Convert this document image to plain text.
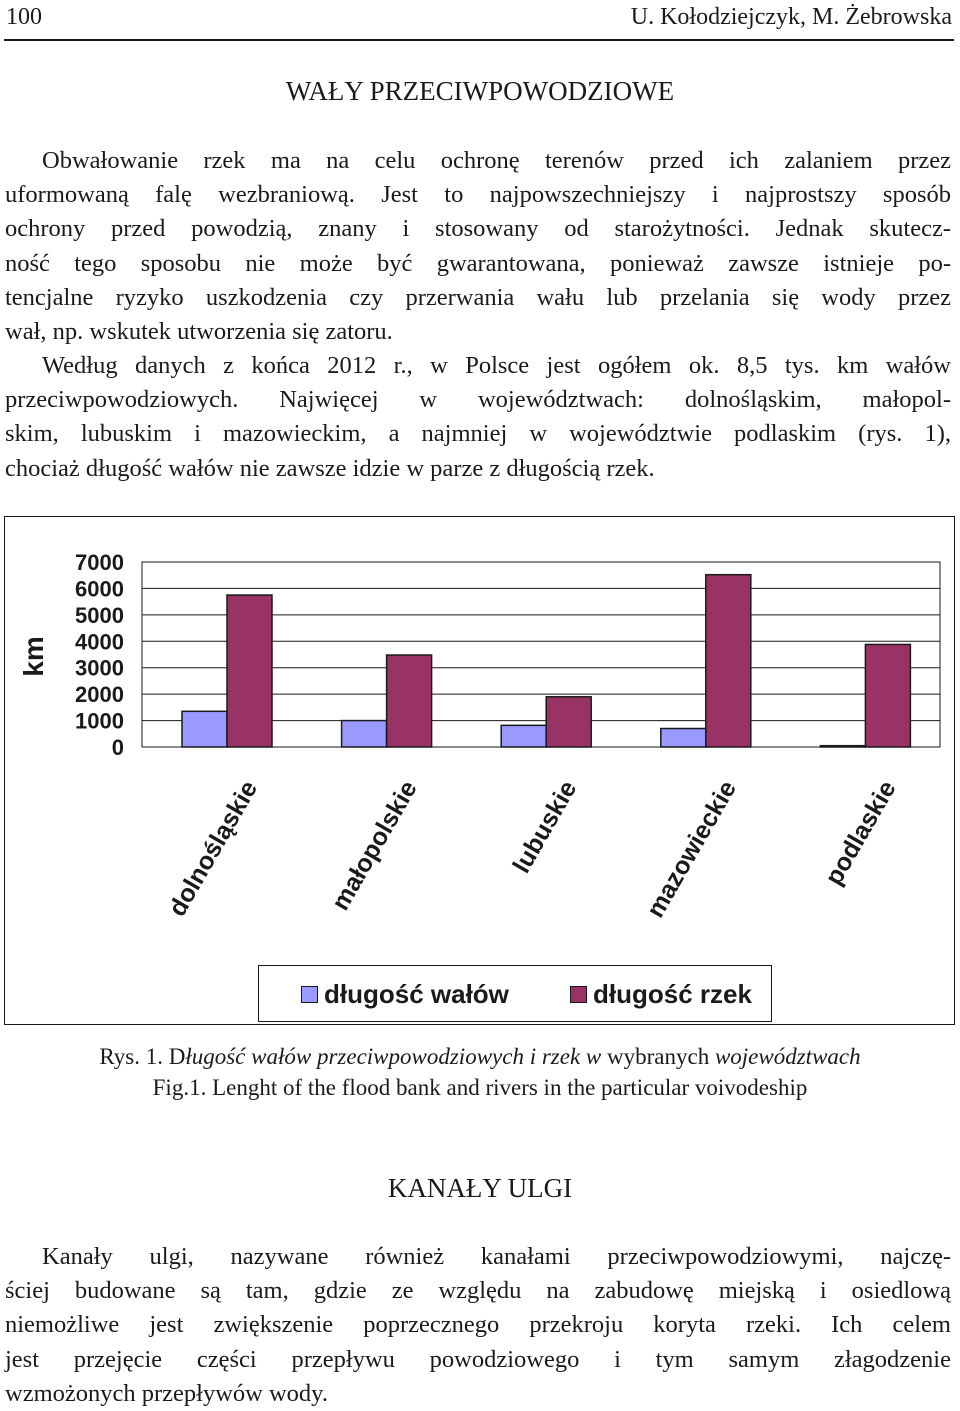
100	U. Kołodziejczyk, M. Żebrowska
WAŁY PRZECIWPOWODZIOWE
Obwałowanie rzek ma na celu ochronę terenów przed ich zalaniem przez
uformowaną falę wezbraniową. Jest to najpowszechniejszy i najprostszy sposób
ochrony przed powodzią, znany i stosowany od starożytności. Jednak skutecz-
ność tego sposobu nie może być gwarantowana, ponieważ zawsze istnieje po-
tencjalne ryzyko uszkodzenia czy przerwania wału lub przelania się wody przez
wał, np. wskutek utworzenia się zatoru.
Według danych z końca 2012 r., w Polsce jest ogółem ok. 8,5 tys. km wałów
przeciwpowodziowych. Najwięcej w województwach: dolnośląskim, małopol-
skim, lubuskim i mazowieckim, a najmniej w województwie podlaskim (rys. 1),
chociaż długość wałów nie zawsze idzie w parze z długością rzek.
7000
6000
5000
4000
3000
2000
1000
0
km
dolnośląskie	małopolskie	lubuskie mazowieckie	podlaskie
długość wałów	długość rzek
Rys. 1. Długość wałów przeciwpowodziowych i rzek w wybranych województwach
Fig.1. Lenght of the flood bank and rivers in the particular voivodeship
KANAŁY ULGI
Kanały ulgi, nazywane również kanałami przeciwpowodziowymi, najczę-
ściej budowane są tam, gdzie ze względu na zabudowę miejską i osiedlową
niemożliwe jest zwiększenie poprzecznego przekroju koryta rzeki. Ich celem
jest przejęcie części przepływu powodziowego i tym samym złagodzenie
wzmożonych przepływów wody.
